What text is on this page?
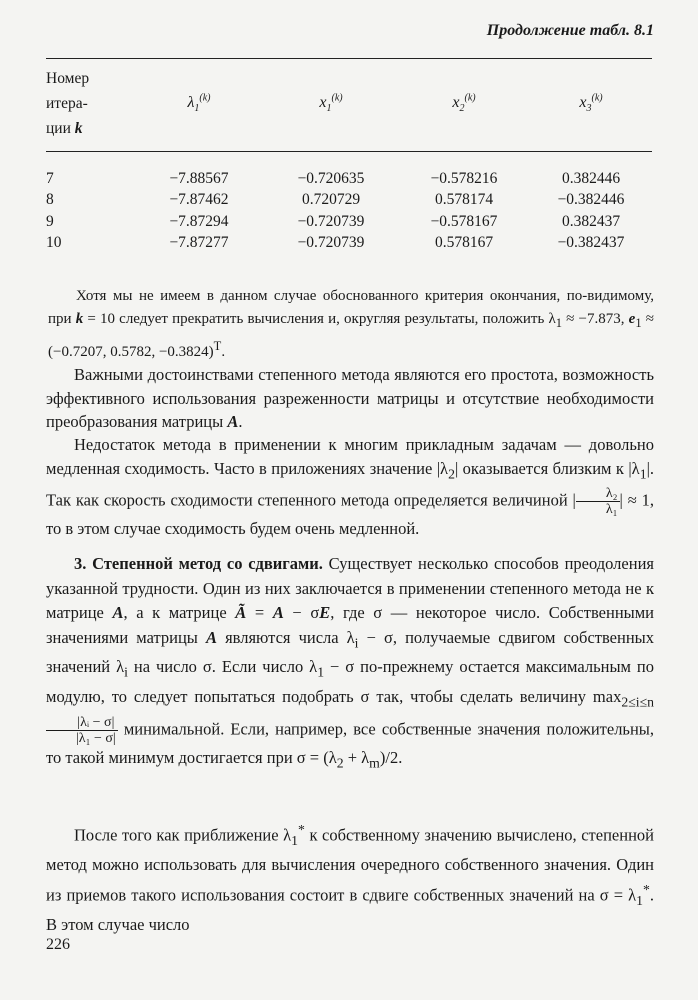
Продолжение табл. 8.1
Номер
итера-
ции k	$\lambda_1^{(k)}$	$x_1^{(k)}$	$x_2^{(k)}$	$x_3^{(k)}$
7	−7.88567	−0.720635	−0.578216	0.382446
8	−7.87462	0.720729	0.578174	−0.382446
9	−7.87294	−0.720739	−0.578167	0.382437
10	−7.87277	−0.720739	0.578167	−0.382437

Хотя мы не имеем в данном случае обоснованного критерия окончания, по-видимому, при k = 10 следует прекратить вычисления и, округляя результаты, положить $\lambda_1 \approx -7.873$, $e_1 \approx (-0.7207$, 0.5782, −0.3824)$^T$.

Важными достоинствами степенного метода являются его простота, возможность эффективного использования разреженности матрицы и отсутствие необходимости преобразования матрицы A.

Недостаток метода в применении к многим прикладным задачам — довольно медленная сходимость. Часто в приложениях значение $|\lambda_2|$ оказывается близким к $|\lambda_1|$. Так как скорость сходимости степенного метода определяется величиной | $\frac{\text{λ₂}}{\text{λ₁}}$ | ≈ 1, то в этом случае сходимость будем очень медленной.

3. Степенной метод со сдвигами. Существует несколько способов преодоления указанной трудности. Один из них заключается в применении степенного метода не к матрице A, а к матрице Ã = A − σE, где σ — некоторое число. Собственными значениями матрицы A являются числа $\lambda_i - \sigma$, получаемые сдвигом собственных значений $\lambda_i$ на число σ. Если число $\lambda_1 - \sigma$ по-прежнему остается максимальным по модулю, то следует попытаться подобрать σ так, чтобы сделать величину $\max_{2\le i\le n}$
$\frac{\text{|λᵢ − σ|}}{\text{|λ₁ − σ|}}$ минимальной. Если, например, все собственные значения положительны, то такой минимум достигается при $\sigma = (\lambda_2 + \lambda_m)/2$.

После того как приближение $\lambda_1^*$ к собственному значению вычислено, степенной метод можно использовать для вычисления очередного собственного значения. Один из приемов такого использования состоит в сдвиге собственных значений на $\sigma = \lambda_1^*$. В этом случае число

226
